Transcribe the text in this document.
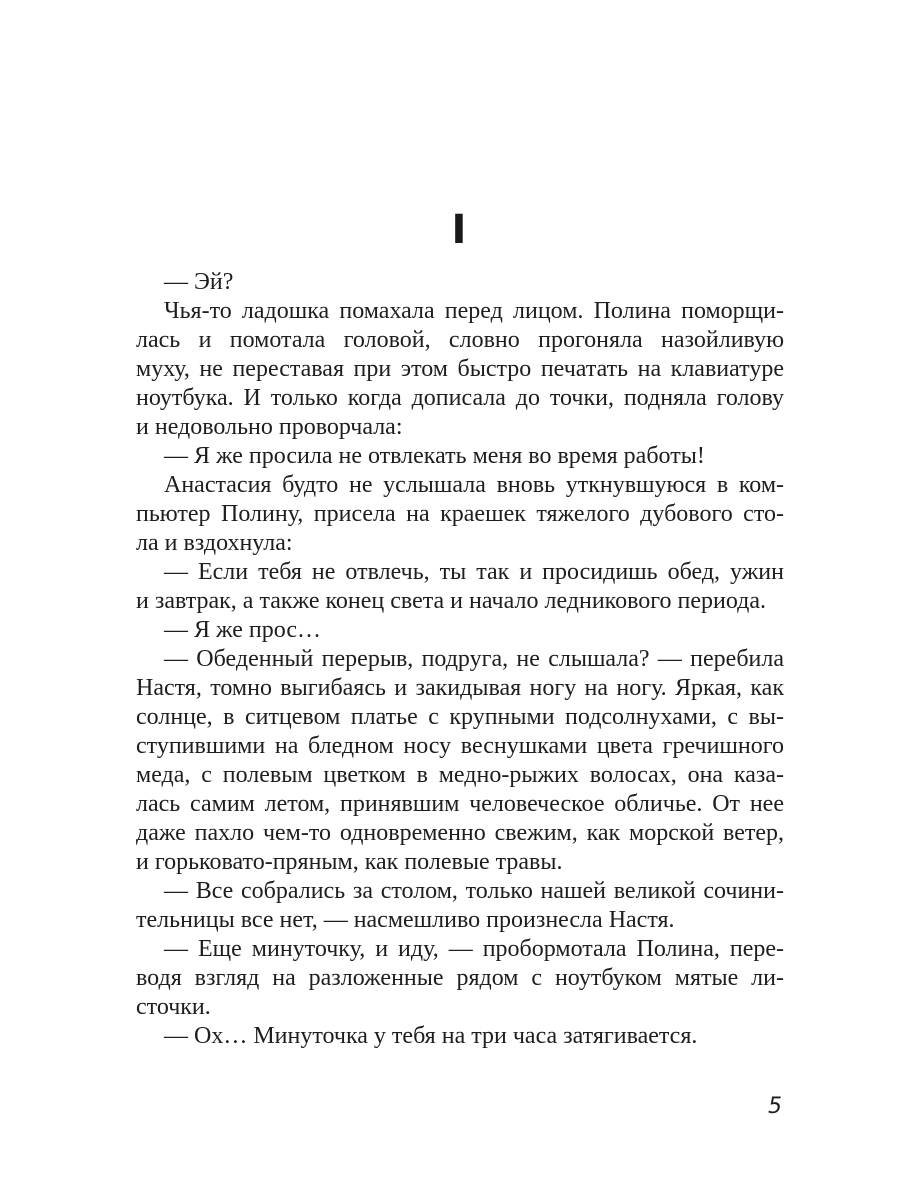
I

— Эй?

Чья-то ладошка помахала перед лицом. Полина поморщи-
лась и помотала головой, словно прогоняла назойливую
муху, не переставая при этом быстро печатать на клавиатуре
ноутбука. И только когда дописала до точки, подняла голову
и недовольно проворчала:

— Я же просила не отвлекать меня во время работы!

Анастасия будто не услышала вновь уткнувшуюся в ком-
пьютер Полину, присела на краешек тяжелого дубового сто-
ла и вздохнула:

— Если тебя не отвлечь, ты так и просидишь обед, ужин
и завтрак, а также конец света и начало ледникового периода.

— Я же прос…

— Обеденный перерыв, подруга, не слышала? — перебила
Настя, томно выгибаясь и закидывая ногу на ногу. Яркая, как
солнце, в ситцевом платье с крупными подсолнухами, с вы-
ступившими на бледном носу веснушками цвета гречишного
меда, с полевым цветком в медно-рыжих волосах, она каза-
лась самим летом, принявшим человеческое обличье. От нее
даже пахло чем-то одновременно свежим, как морской ветер,
и горьковато-пряным, как полевые травы.

— Все собрались за столом, только нашей великой сочини-
тельницы все нет, — насмешливо произнесла Настя.

— Еще минуточку, и иду, — пробормотала Полина, пере-
водя взгляд на разложенные рядом с ноутбуком мятые ли-
сточки.

— Ох… Минуточка у тебя на три часа затягивается.

5
